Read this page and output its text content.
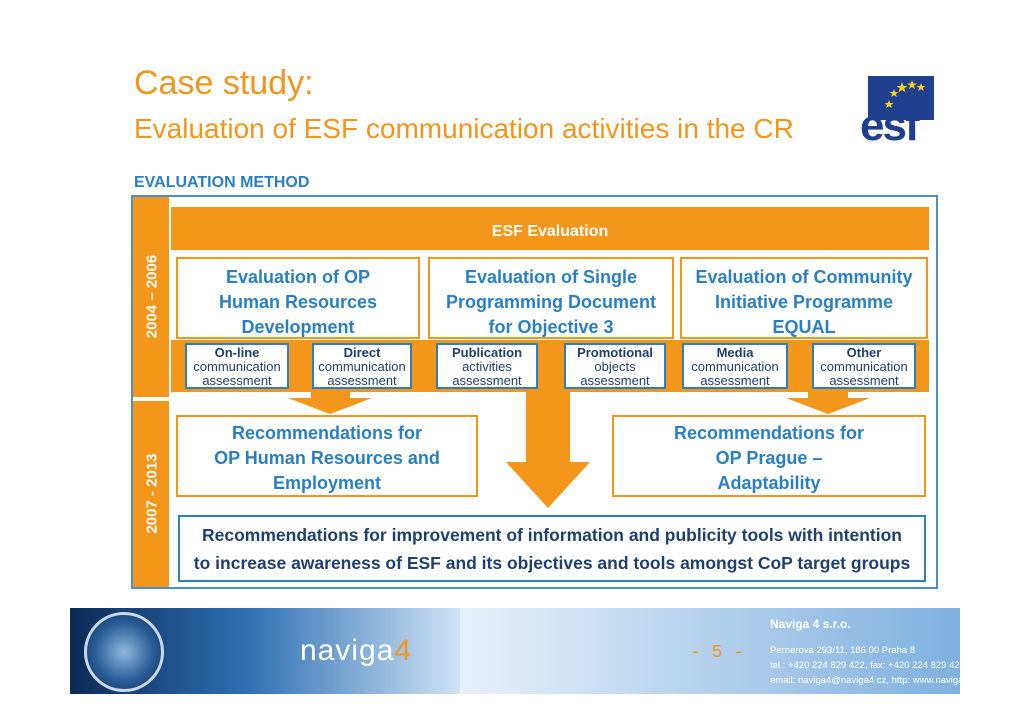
Case study:
Evaluation of ESF communication activities in the CR
EVALUATION METHOD
esf
2004 – 2006
2007 - 2013
ESF Evaluation
Evaluation of OP
Human Resources
Development
Evaluation of Single
Programming Document
for Objective 3
Evaluation of Community
Initiative Programme
EQUAL
On-line
communication
assessment
Direct
communication
assessment
Publication
activities
assessment
Promotional
objects
assessment
Media
communication
assessment
Other
communication
assessment
Recommendations for
OP Human Resources and
Employment
Recommendations for
OP Prague –
Adaptability
Recommendations for improvement of information and publicity tools with intention
to increase awareness of ESF and its objectives and tools amongst CoP target groups
naviga4	- 5 -
Naviga 4 s.r.o.
Pernerova 293/11, 186 00 Praha 8
tel.: +420 224 829 422, fax: +420 224 829 425
email: naviga4@naviga4.cz, http: www.naviga4.cz
